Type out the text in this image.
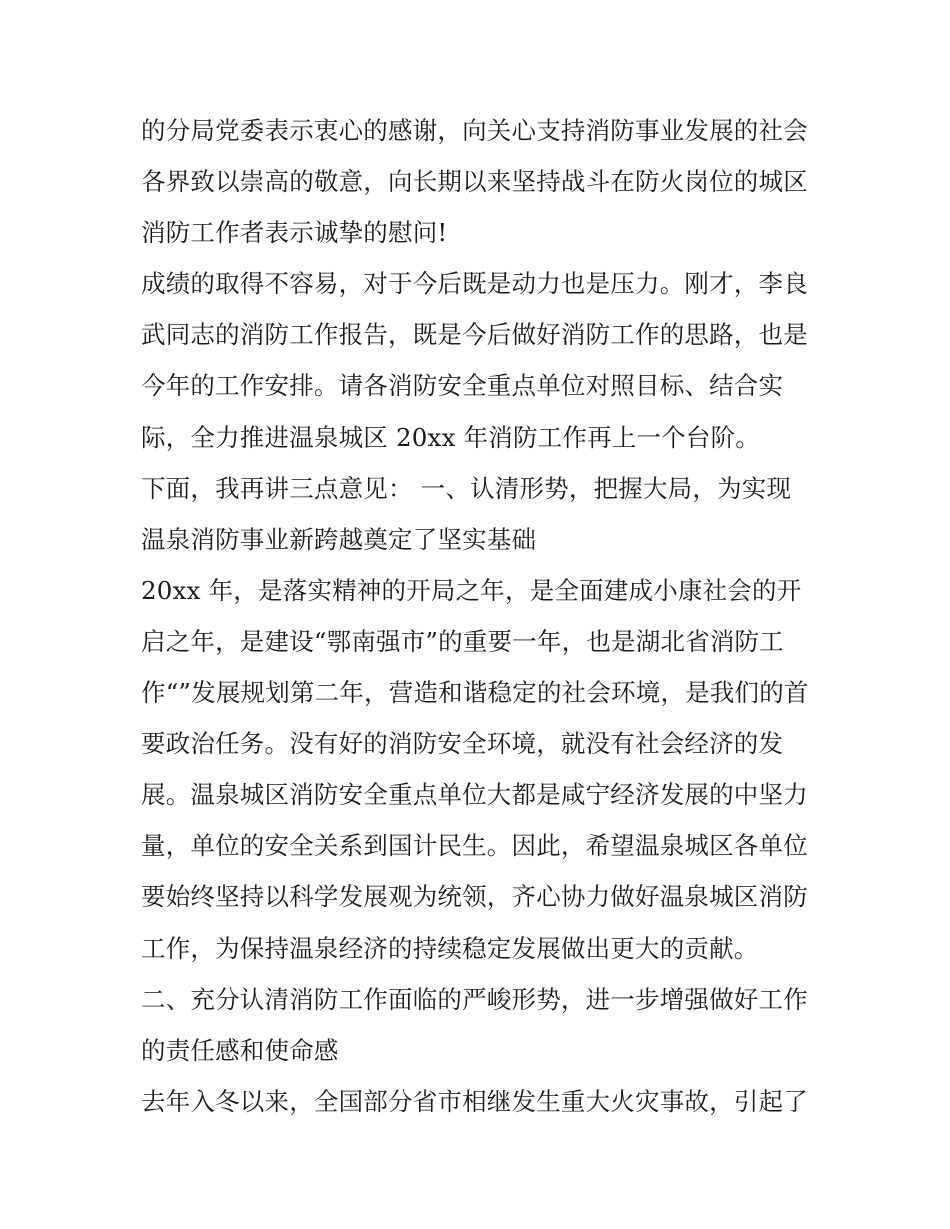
的分局党委表示衷心的感谢，向关心支持消防事业发展的社会
各界致以崇高的敬意，向长期以来坚持战斗在防火岗位的城区
消防工作者表示诚挚的慰问!
成绩的取得不容易，对于今后既是动力也是压力。刚才，李良
武同志的消防工作报告，既是今后做好消防工作的思路，也是
今年的工作安排。请各消防安全重点单位对照目标、结合实
际，全力推进温泉城区 20xx 年消防工作再上一个台阶。
下面，我再讲三点意见： 一、认清形势，把握大局，为实现
温泉消防事业新跨越奠定了坚实基础
20xx 年，是落实精神的开局之年，是全面建成小康社会的开
启之年，是建设“鄂南强市”的重要一年，也是湖北省消防工
作“”发展规划第二年，营造和谐稳定的社会环境，是我们的首
要政治任务。没有好的消防安全环境，就没有社会经济的发
展。温泉城区消防安全重点单位大都是咸宁经济发展的中坚力
量，单位的安全关系到国计民生。因此，希望温泉城区各单位
要始终坚持以科学发展观为统领，齐心协力做好温泉城区消防
工作，为保持温泉经济的持续稳定发展做出更大的贡献。
二、充分认清消防工作面临的严峻形势，进一步增强做好工作
的责任感和使命感
去年入冬以来，全国部分省市相继发生重大火灾事故，引起了
